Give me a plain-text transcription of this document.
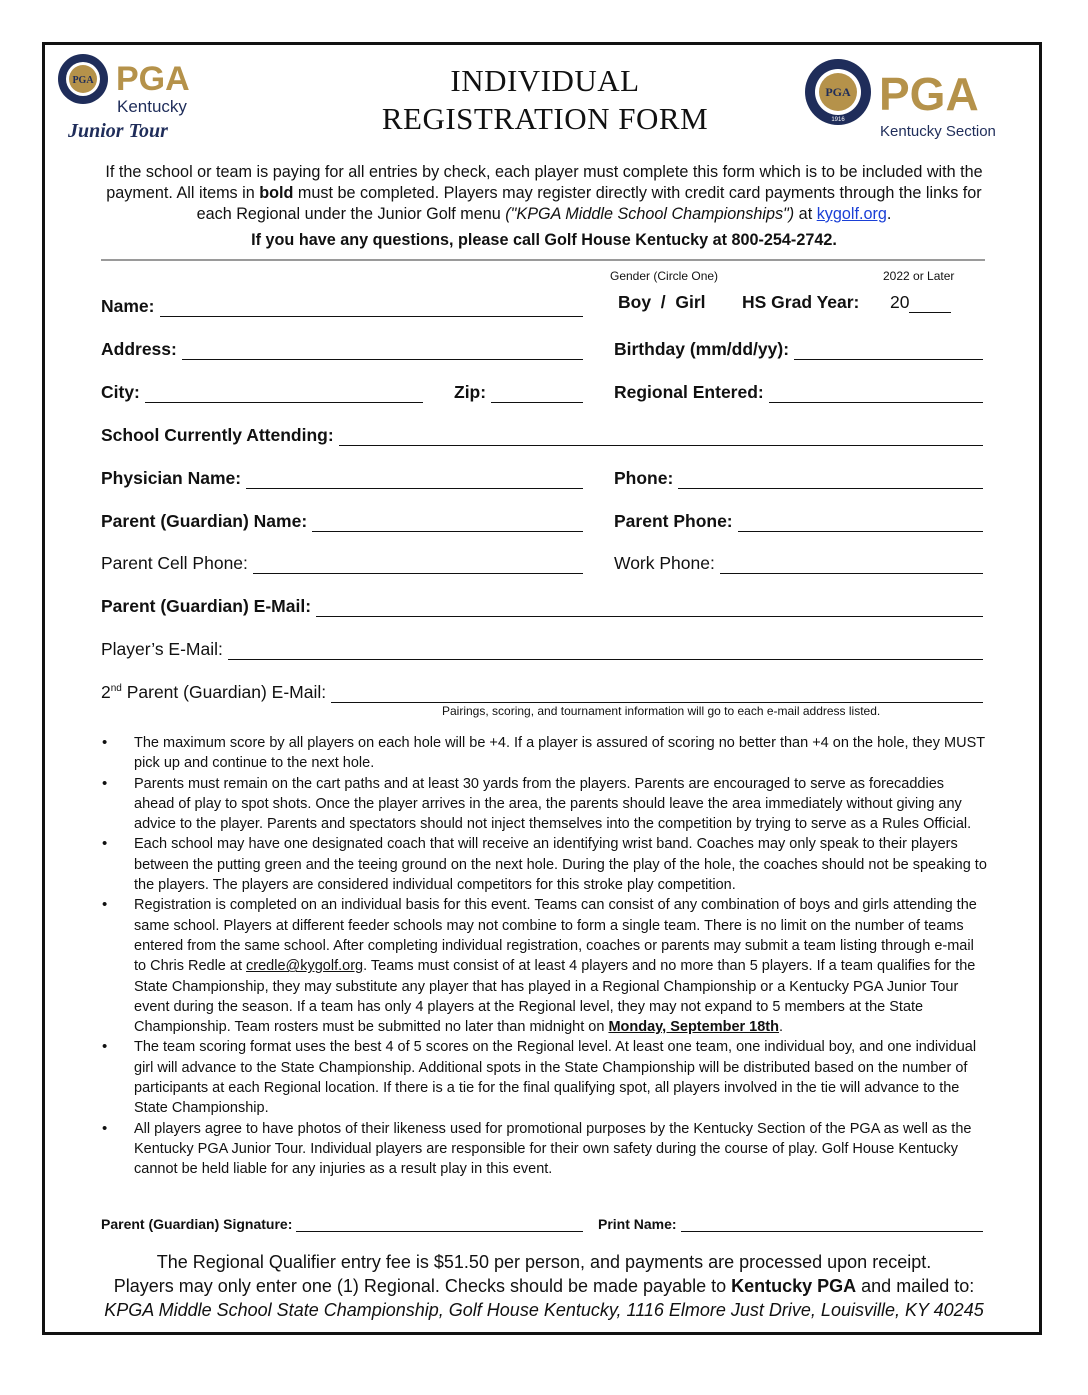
PGA PGA
Kentucky
Junior Tour
INDIVIDUAL
REGISTRATION FORM
PGA
1916 PGA
Kentucky Section
If the school or team is paying for all entries by check, each player must complete this form which is to be included with the payment. All items in bold must be completed. Players may register directly with credit card payments through the links for each Regional under the Junior Golf menu ("KPGA Middle School Championships") at kygolf.org.
If you have any questions, please call Golf House Kentucky at 800-254-2742.
Gender (Circle One)	2022 or Later
Name:	Boy  /  Girl HS Grad Year: 20
Address:	Birthday (mm/dd/yy):
City:	Zip:	Regional Entered:
School Currently Attending:
Physician Name:	Phone:
Parent (Guardian) Name:	Parent Phone:
Parent Cell Phone:	Work Phone:
Parent (Guardian) E-Mail:
Player’s E-Mail:
2nd Parent (Guardian) E-Mail:
Pairings, scoring, and tournament information will go to each e-mail address listed.
• The maximum score by all players on each hole will be +4. If a player is assured of scoring no better than +4 on the hole, they MUST pick up and continue to the next hole.
• Parents must remain on the cart paths and at least 30 yards from the players. Parents are encouraged to serve as forecaddies ahead of play to spot shots. Once the player arrives in the area, the parents should leave the area immediately without giving any advice to the player. Parents and spectators should not inject themselves into the competition by trying to serve as a Rules Official.
• Each school may have one designated coach that will receive an identifying wrist band. Coaches may only speak to their players between the putting green and the teeing ground on the next hole. During the play of the hole, the coaches should not be speaking to the players. The players are considered individual competitors for this stroke play competition.
• Registration is completed on an individual basis for this event. Teams can consist of any combination of boys and girls attending the same school. Players at different feeder schools may not combine to form a single team. There is no limit on the number of teams entered from the same school. After completing individual registration, coaches or parents may submit a team listing through e-mail to Chris Redle at credle@kygolf.org. Teams must consist of at least 4 players and no more than 5 players. If a team qualifies for the State Championship, they may substitute any player that has played in a Regional Championship or a Kentucky PGA Junior Tour event during the season. If a team has only 4 players at the Regional level, they may not expand to 5 members at the State Championship. Team rosters must be submitted no later than midnight on Monday, September 18th.
• The team scoring format uses the best 4 of 5 scores on the Regional level. At least one team, one individual boy, and one individual girl will advance to the State Championship. Additional spots in the State Championship will be distributed based on the number of participants at each Regional location. If there is a tie for the final qualifying spot, all players involved in the tie will advance to the State Championship.
• All players agree to have photos of their likeness used for promotional purposes by the Kentucky Section of the PGA as well as the Kentucky PGA Junior Tour. Individual players are responsible for their own safety during the course of play. Golf House Kentucky cannot be held liable for any injuries as a result play in this event.
Parent (Guardian) Signature:	Print Name:
The Regional Qualifier entry fee is $51.50 per person, and payments are processed upon receipt.
Players may only enter one (1) Regional. Checks should be made payable to Kentucky PGA and mailed to:
KPGA Middle School State Championship, Golf House Kentucky, 1116 Elmore Just Drive, Louisville, KY 40245
